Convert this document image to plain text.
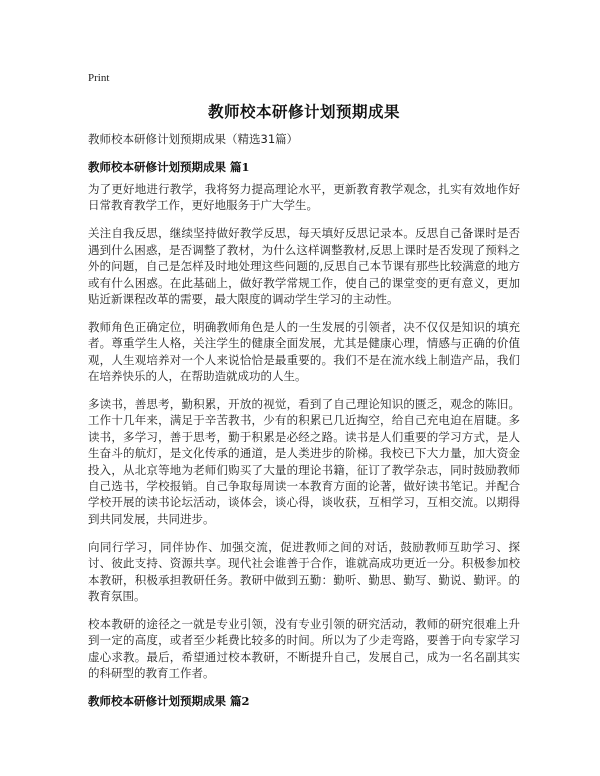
Print
教师校本研修计划预期成果
教师校本研修计划预期成果（精选31篇）
教师校本研修计划预期成果 篇1

为了更好地进行教学，我将努力提高理论水平，更新教育教学观念，扎实有效地作好日常教育教学工作，更好地服务于广大学生。

关注自我反思，继续坚持做好教学反思，每天填好反思记录本。反思自己备课时是否遇到什么困惑，是否调整了教材，为什么这样调整教材,反思上课时是否发现了预料之外的问题，自己是怎样及时地处理这些问题的,反思自己本节课有那些比较满意的地方或有什么困惑。在此基础上，做好教学常规工作，使自己的课堂变的更有意义，更加贴近新课程改革的需要，最大限度的调动学生学习的主动性。

教师角色正确定位，明确教师角色是人的一生发展的引领者，决不仅仅是知识的填充者。尊重学生人格，关注学生的健康全面发展，尤其是健康心理，情感与正确的价值观，人生观培养对一个人来说恰恰是最重要的。我们不是在流水线上制造产品，我们在培养快乐的人，在帮助造就成功的人生。

多读书，善思考，勤积累，开放的视觉，看到了自己理论知识的匮乏，观念的陈旧。工作十几年来，满足于辛苦教书，少有的积累已几近掏空，给自己充电迫在眉睫。多读书，多学习，善于思考，勤于积累是必经之路。读书是人们重要的学习方式，是人生奋斗的航灯，是文化传承的通道，是人类进步的阶梯。我校已下大力量，加大资金投入，从北京等地为老师们购买了大量的理论书籍，征订了教学杂志，同时鼓励教师自己选书，学校报销。自己争取每周读一本教育方面的论著，做好读书笔记。并配合学校开展的读书论坛活动，谈体会，谈心得，谈收获，互相学习，互相交流。以期得到共同发展，共同进步。

向同行学习，同伴协作、加强交流，促进教师之间的对话，鼓励教师互助学习、探讨、彼此支持、资源共享。现代社会谁善于合作，谁就高成功更近一分。积极参加校本教研，积极承担教研任务。教研中做到五勤：勤听、勤思、勤写、勤说、勤评。的教育氛围。

校本教研的途径之一就是专业引领，没有专业引领的研究活动，教师的研究很难上升到一定的高度，或者至少耗费比较多的时间。所以为了少走弯路，要善于向专家学习虚心求教。最后，希望通过校本教研，不断提升自己，发展自己，成为一名名副其实的科研型的教育工作者。

教师校本研修计划预期成果 篇2
